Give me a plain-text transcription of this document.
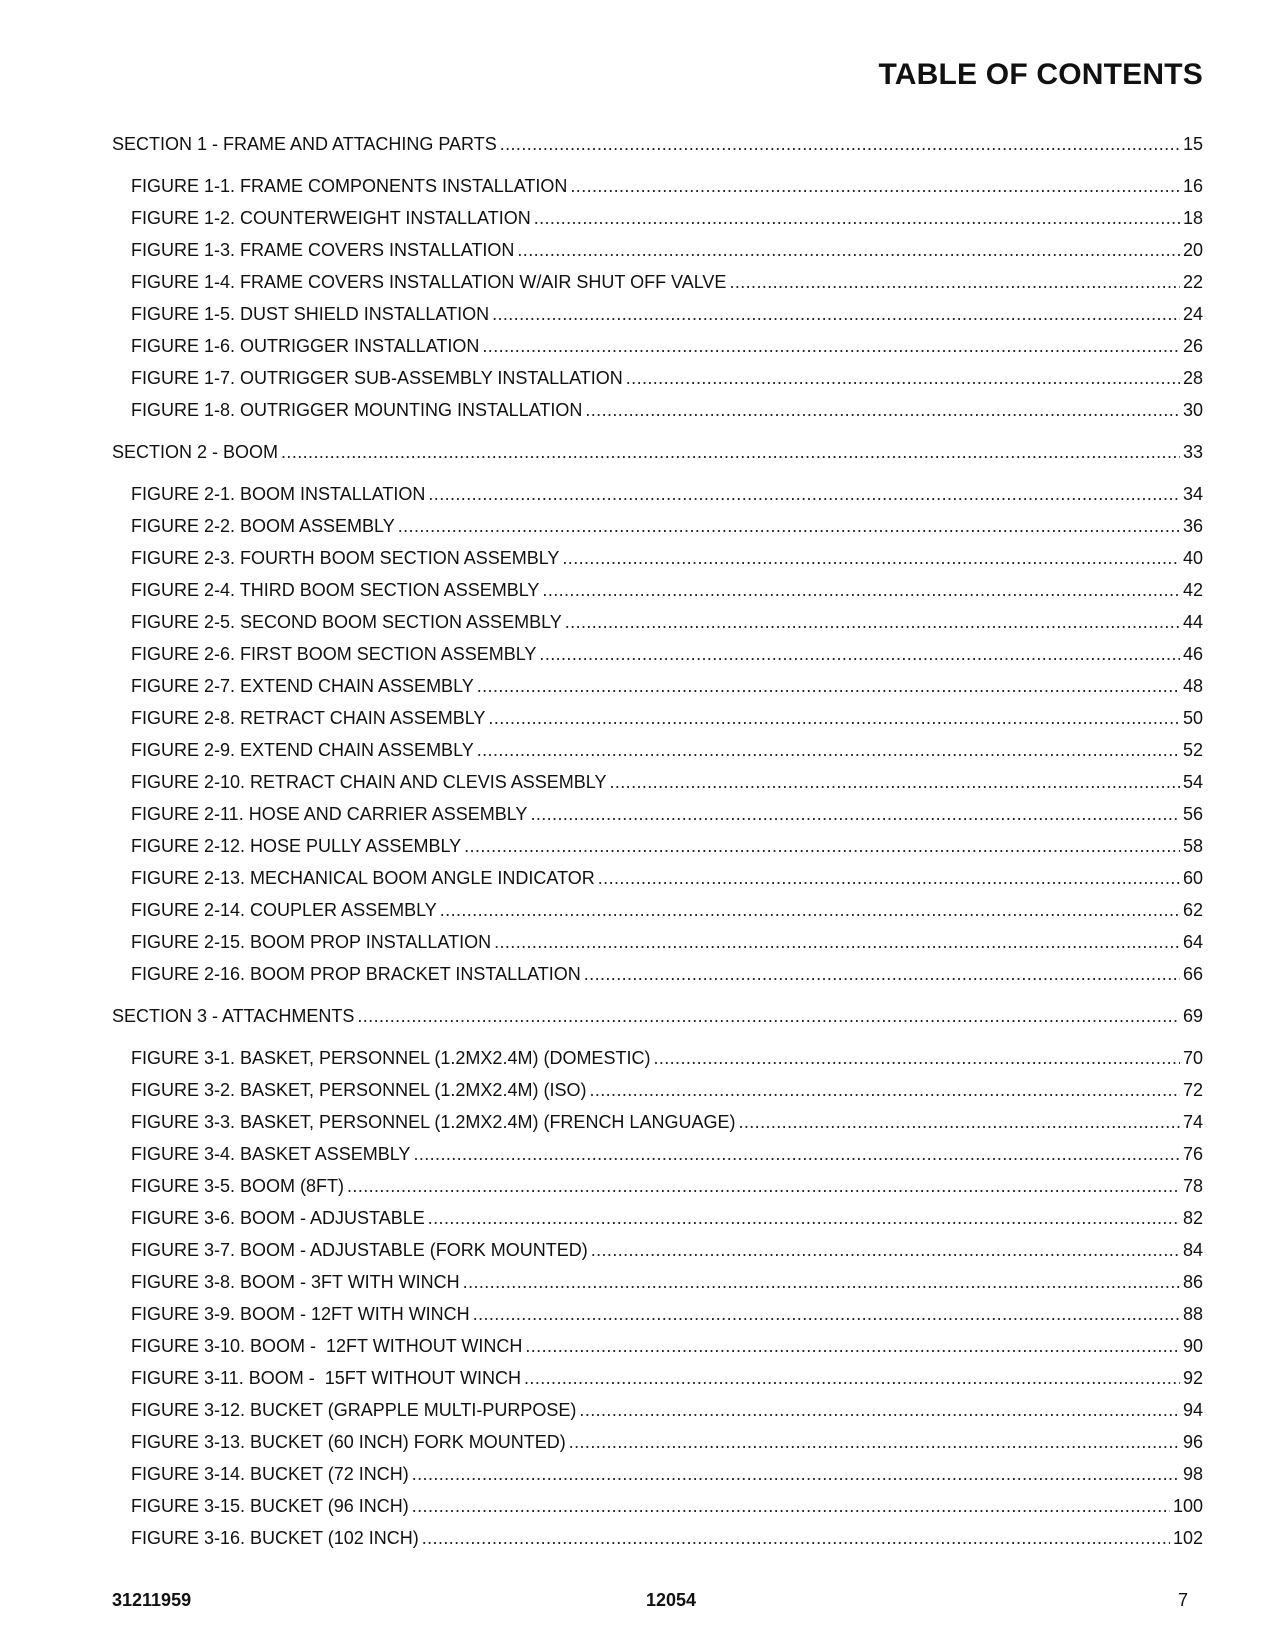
TABLE OF CONTENTS
SECTION 1 - FRAME AND ATTACHING PARTS . . .	15
FIGURE 1-1. FRAME COMPONENTS INSTALLATION . . .	16
FIGURE 1-2. COUNTERWEIGHT INSTALLATION . . .	18
FIGURE 1-3. FRAME COVERS INSTALLATION . . .	20
FIGURE 1-4. FRAME COVERS INSTALLATION W/AIR SHUT OFF VALVE . . .	22
FIGURE 1-5. DUST SHIELD INSTALLATION . . .	24
FIGURE 1-6. OUTRIGGER INSTALLATION . . .	26
FIGURE 1-7. OUTRIGGER SUB-ASSEMBLY INSTALLATION . . .	28
FIGURE 1-8. OUTRIGGER MOUNTING INSTALLATION . . .	30
SECTION 2 - BOOM . . .	33
FIGURE 2-1. BOOM INSTALLATION . . .	34
FIGURE 2-2. BOOM ASSEMBLY . . .	36
FIGURE 2-3. FOURTH BOOM SECTION ASSEMBLY . . .	40
FIGURE 2-4. THIRD BOOM SECTION ASSEMBLY . . .	42
FIGURE 2-5. SECOND BOOM SECTION ASSEMBLY . . .	44
FIGURE 2-6. FIRST BOOM SECTION ASSEMBLY . . .	46
FIGURE 2-7. EXTEND CHAIN ASSEMBLY . . .	48
FIGURE 2-8. RETRACT CHAIN ASSEMBLY . . .	50
FIGURE 2-9. EXTEND CHAIN ASSEMBLY . . .	52
FIGURE 2-10. RETRACT CHAIN AND CLEVIS ASSEMBLY . . .	54
FIGURE 2-11. HOSE AND CARRIER ASSEMBLY . . .	56
FIGURE 2-12. HOSE PULLY ASSEMBLY . . .	58
FIGURE 2-13. MECHANICAL BOOM ANGLE INDICATOR . . .	60
FIGURE 2-14. COUPLER ASSEMBLY . . .	62
FIGURE 2-15. BOOM PROP INSTALLATION . . .	64
FIGURE 2-16. BOOM PROP BRACKET INSTALLATION . . .	66
SECTION 3 - ATTACHMENTS . . .	69
FIGURE 3-1. BASKET, PERSONNEL (1.2MX2.4M) (DOMESTIC) . . .	70
FIGURE 3-2. BASKET, PERSONNEL (1.2MX2.4M) (ISO) . . .	72
FIGURE 3-3. BASKET, PERSONNEL (1.2MX2.4M) (FRENCH LANGUAGE) . . .	74
FIGURE 3-4. BASKET ASSEMBLY . . .	76
FIGURE 3-5. BOOM (8FT) . . .	78
FIGURE 3-6. BOOM - ADJUSTABLE . . .	82
FIGURE 3-7. BOOM - ADJUSTABLE (FORK MOUNTED) . . .	84
FIGURE 3-8. BOOM - 3FT WITH WINCH . . .	86
FIGURE 3-9. BOOM - 12FT WITH WINCH . . .	88
FIGURE 3-10. BOOM -  12FT WITHOUT WINCH . . .	90
FIGURE 3-11. BOOM -  15FT WITHOUT WINCH . . .	92
FIGURE 3-12. BUCKET (GRAPPLE MULTI-PURPOSE) . . .	94
FIGURE 3-13. BUCKET (60 INCH) FORK MOUNTED) . . .	96
FIGURE 3-14. BUCKET (72 INCH) . . .	98
FIGURE 3-15. BUCKET (96 INCH) . . .	100
FIGURE 3-16. BUCKET (102 INCH) . . .	102
31211959	12054	7
